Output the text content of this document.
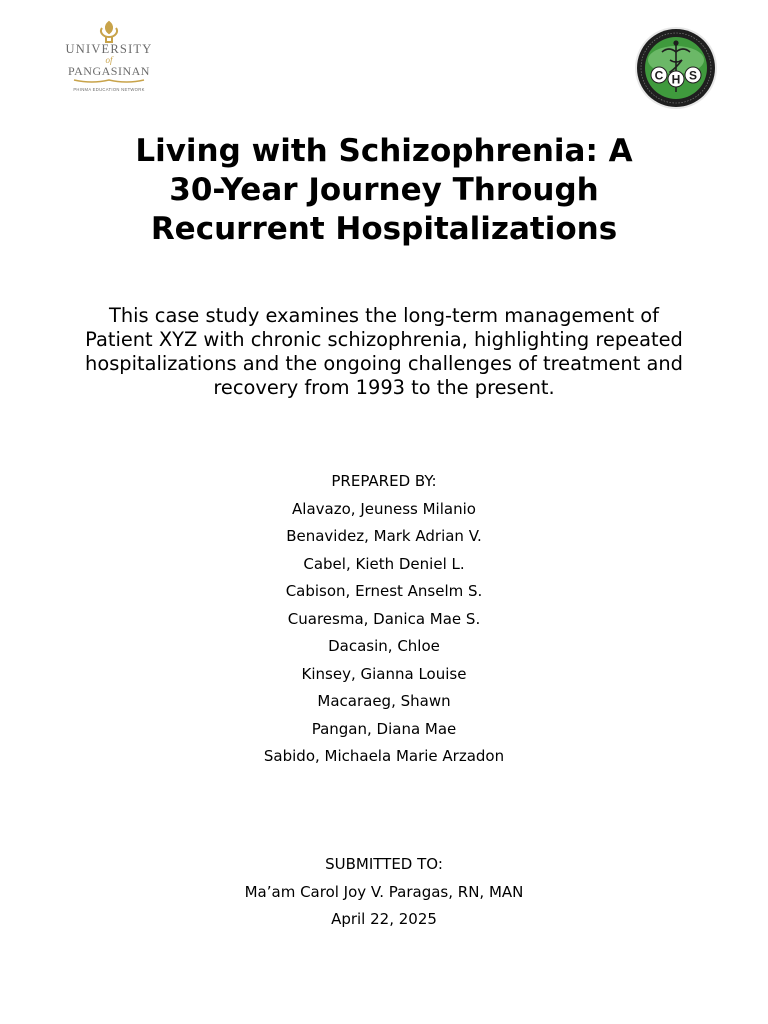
UNIVERSITY
of
PANGASINAN
PHINMA EDUCATION NETWORK
C H S
Living with Schizophrenia: A
30-Year Journey Through
Recurrent Hospitalizations
This case study examines the long-term management of
Patient XYZ with chronic schizophrenia, highlighting repeated
hospitalizations and the ongoing challenges of treatment and
recovery from 1993 to the present.
PREPARED BY:
Alavazo, Jeuness Milanio
Benavidez, Mark Adrian V.
Cabel, Kieth Deniel L.
Cabison, Ernest Anselm S.
Cuaresma, Danica Mae S.
Dacasin, Chloe
Kinsey, Gianna Louise
Macaraeg, Shawn
Pangan, Diana Mae
Sabido, Michaela Marie Arzadon
SUBMITTED TO:
Ma’am Carol Joy V. Paragas, RN, MAN
April 22, 2025
